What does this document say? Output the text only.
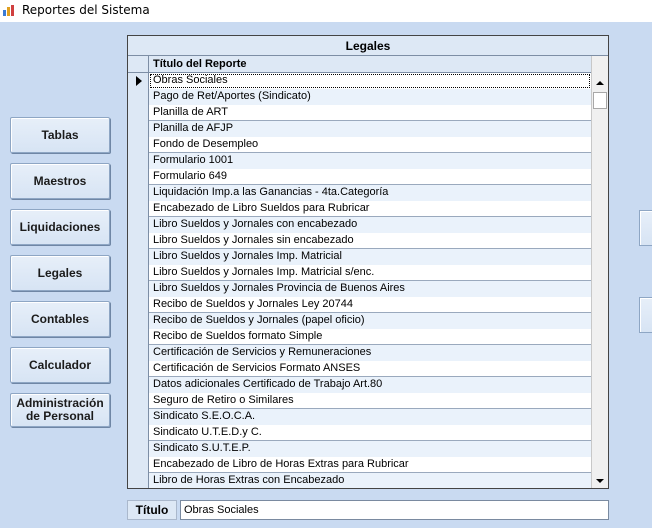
Reportes del Sistema
Tablas
Maestros
Liquidaciones
Legales
Contables
Calculador
Administración
de Personal
Legales
Título del Reporte
Obras Sociales
Pago de Ret/Aportes (Sindicato)
Planilla de ART
Planilla de AFJP
Fondo de Desempleo
Formulario 1001
Formulario 649
Liquidación Imp.a las Ganancias - 4ta.Categoría
Encabezado de Libro Sueldos para Rubricar
Libro Sueldos y Jornales con encabezado
Libro Sueldos y Jornales sin encabezado
Libro Sueldos y Jornales Imp. Matricial
Libro Sueldos y Jornales Imp. Matricial s/enc.
Libro Sueldos y Jornales Provincia de Buenos Aires
Recibo de Sueldos y Jornales Ley 20744
Recibo de Sueldos y Jornales (papel oficio)
Recibo de Sueldos formato Simple
Certificación de Servicios y Remuneraciones
Certificación de Servicios Formato ANSES
Datos adicionales Certificado de Trabajo Art.80
Seguro de Retiro o Similares
Sindicato S.E.O.C.A.
Sindicato U.T.E.D.y C.
Sindicato S.U.T.E.P.
Encabezado de Libro de Horas Extras para Rubricar
Libro de Horas Extras con Encabezado
Título
Obras Sociales
